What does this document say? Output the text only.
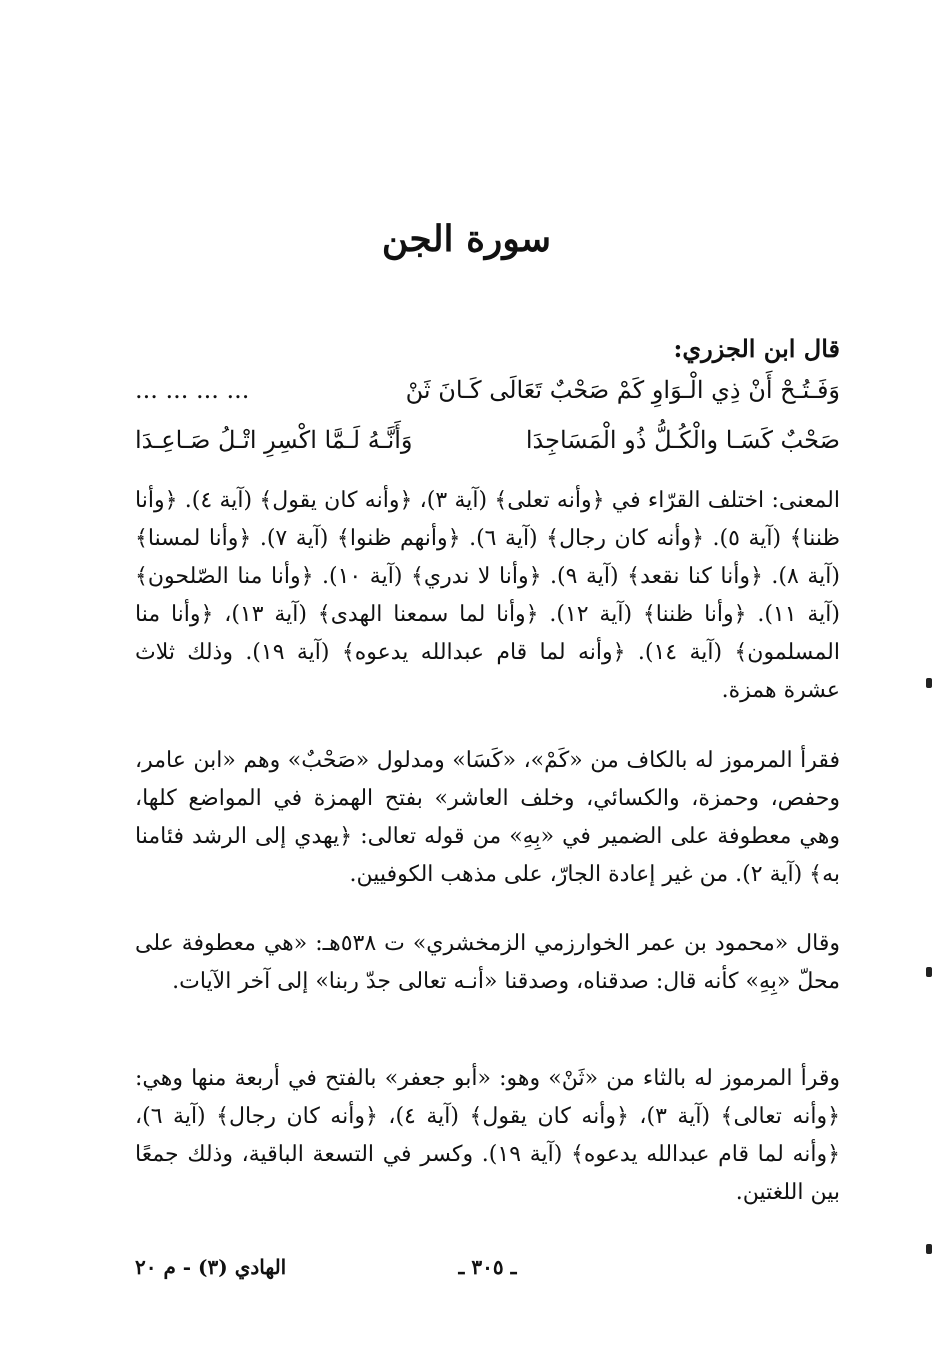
سورة الجن
قال ابن الجزري:
وَفَـتُـحْ أَنْ ذِي الْـوَاوِ كَمْ صَحْبٌ تَعَالَى كَـانَ ثَنْ
... ... ... ...
صَحْبٌ كَسَـا والْكُـلُّ ذُو الْمَسَاجِدَا
وَأَنَّـهُ لَـمَّا اكْسِرِ اتْـلُ صَـاعِـدَا
المعنى: اختلف القرّاء في ﴿وأنه تعلى﴾ (آية ٣)، ﴿وأنه كان يقول﴾ (آية ٤). ﴿وأنا ظننا﴾ (آية ٥). ﴿وأنه كان رجال﴾ (آية ٦). ﴿وأنهم ظنوا﴾ (آية ٧). ﴿وأنا لمسنا﴾ (آية ٨). ﴿وأنا كنا نقعد﴾ (آية ٩). ﴿وأنا لا ندري﴾ (آية ١٠). ﴿وأنا منا الصّلحون﴾ (آية ١١). ﴿وأنا ظننا﴾ (آية ١٢). ﴿وأنا لما سمعنا الهدى﴾ (آية ١٣)، ﴿وأنا منا المسلمون﴾ (آية ١٤). ﴿وأنه لما قام عبدالله يدعوه﴾ (آية ١٩). وذلك ثلاث عشرة همزة.
فقرأ المرموز له بالكاف من «كَمْ»، «كَسَا» ومدلول «صَحْبٌ» وهم «ابن عامر، وحفص، وحمزة، والكسائي، وخلف العاشر» بفتح الهمزة في المواضع كلها، وهي معطوفة على الضمير في «بِهِ» من قوله تعالى: ﴿يهدي إلى الرشد فئامنا به﴾ (آية ٢). من غير إعادة الجارّ، على مذهب الكوفيين.
وقال «محمود بن عمر الخوارزمي الزمخشري» ت ٥٣٨هـ: «هي معطوفة على محلّ «بِهِ» كأنه قال: صدقناه، وصدقنا «أنـه تعالى جدّ ربنا» إلى آخر الآيات.
وقرأ المرموز له بالثاء من «ثَنْ» وهو: «أبو جعفر» بالفتح في أربعة منها وهي: ﴿وأنه تعالى﴾ (آية ٣)، ﴿وأنه كان يقول﴾ (آية ٤)، ﴿وأنه كان رجال﴾ (آية ٦)، ﴿وأنه لما قام عبدالله يدعوه﴾ (آية ١٩). وكسر في التسعة الباقية، وذلك جمعًا بين اللغتين.
ـ ٣٠٥ ـ
الهادي (٣) - م ٢٠
